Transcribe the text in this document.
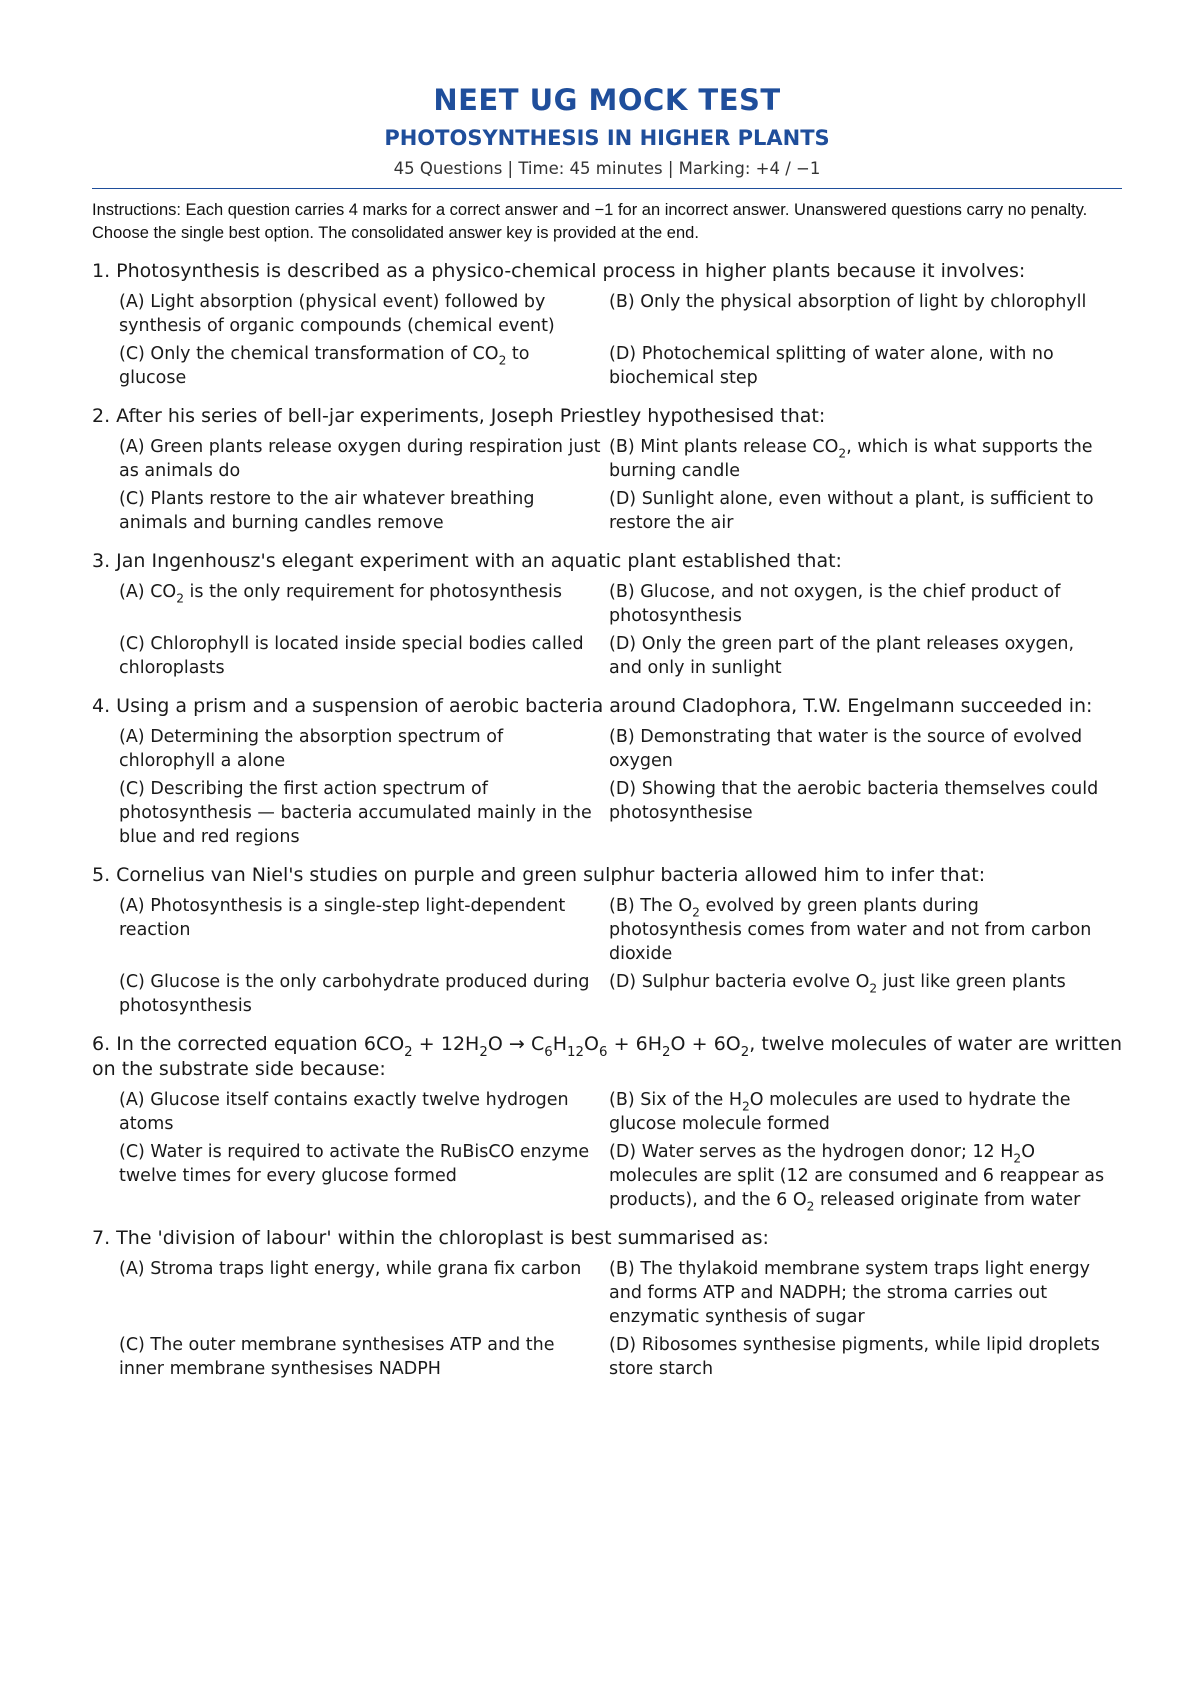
NEET UG MOCK TEST
PHOTOSYNTHESIS IN HIGHER PLANTS
45 Questions | Time: 45 minutes | Marking: +4 / −1
Instructions: Each question carries 4 marks for a correct answer and −1 for an incorrect answer. Unanswered questions carry no penalty. Choose the single best option. The consolidated answer key is provided at the end.
1. Photosynthesis is described as a physico-chemical process in higher plants because it involves:
(A) Light absorption (physical event) followed by synthesis of organic compounds (chemical event)
(B) Only the physical absorption of light by chlorophyll
(C) Only the chemical transformation of $CO_2$ to glucose
(D) Photochemical splitting of water alone, with no biochemical step
2. After his series of bell-jar experiments, Joseph Priestley hypothesised that:
(A) Green plants release oxygen during respiration just as animals do
(B) Mint plants release $CO_2$, which is what supports the burning candle
(C) Plants restore to the air whatever breathing animals and burning candles remove
(D) Sunlight alone, even without a plant, is sufficient to restore the air
3. Jan Ingenhousz's elegant experiment with an aquatic plant established that:
(A) $CO_2$ is the only requirement for photosynthesis	(B) Glucose, and not oxygen, is the chief product of photosynthesis
(C) Chlorophyll is located inside special bodies called chloroplasts
(D) Only the green part of the plant releases oxygen, and only in sunlight
4. Using a prism and a suspension of aerobic bacteria around Cladophora, T.W. Engelmann succeeded in:
(A) Determining the absorption spectrum of chlorophyll a alone
(B) Demonstrating that water is the source of evolved oxygen
(C) Describing the first action spectrum of photosynthesis — bacteria accumulated mainly in the blue and red regions
(D) Showing that the aerobic bacteria themselves could photosynthesise
5. Cornelius van Niel's studies on purple and green sulphur bacteria allowed him to infer that:
(A) Photosynthesis is a single-step light-dependent reaction
(B) The $O_2$ evolved by green plants during photosynthesis comes from water and not from carbon dioxide
(C) Glucose is the only carbohydrate produced during photosynthesis
(D) Sulphur bacteria evolve $O_2$ just like green plants
6. In the corrected equation $6CO_2 + 12H_2O \to C_6H_{12}O_6 + 6H_2O + 6O_2$, twelve molecules of water are written on the substrate side because:
(A) Glucose itself contains exactly twelve hydrogen atoms
(B) Six of the $H_2O$ molecules are used to hydrate the glucose molecule formed
(C) Water is required to activate the RuBisCO enzyme twelve times for every glucose formed
(D) Water serves as the hydrogen donor; 12 $H_2O$ molecules are split (12 are consumed and 6 reappear as products), and the 6 $O_2$ released originate from water
7. The 'division of labour' within the chloroplast is best summarised as:
(A) Stroma traps light energy, while grana fix carbon	(B) The thylakoid membrane system traps light energy and forms ATP and NADPH; the stroma carries out enzymatic synthesis of sugar
(C) The outer membrane synthesises ATP and the inner membrane synthesises NADPH
(D) Ribosomes synthesise pigments, while lipid droplets store starch
